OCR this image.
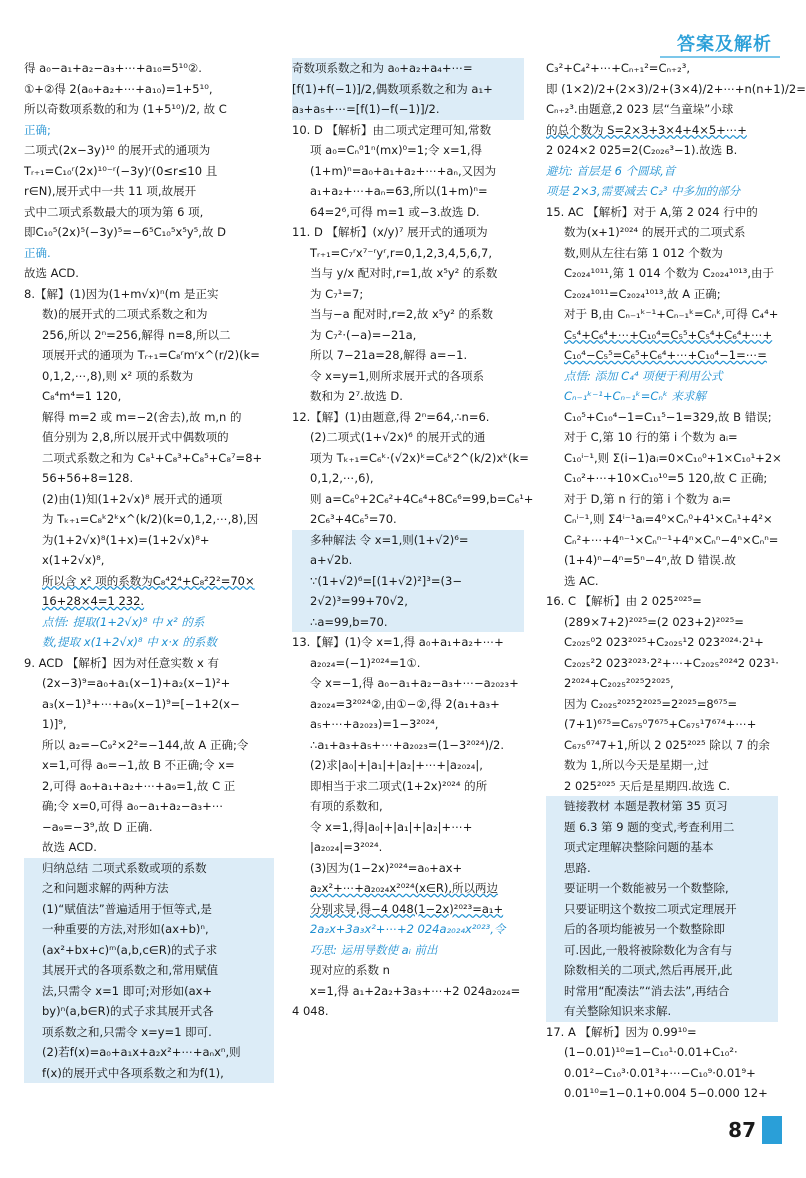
答案及解析
得 a₀−a₁+a₂−a₃+⋯+a₁₀=5¹⁰②.
①+②得 2(a₀+a₂+⋯+a₁₀)=1+5¹⁰,
所以奇数项系数的和为 (1+5¹⁰)/2, 故 C
正确;
二项式(2x−3y)¹⁰ 的展开式的通项为
Tᵣ₊₁=C₁₀ʳ(2x)¹⁰⁻ʳ(−3y)ʳ(0≤r≤10 且
r∈N),展开式中一共 11 项,故展开
式中二项式系数最大的项为第 6 项,
即C₁₀⁵(2x)⁵(−3y)⁵=−6⁵C₁₀⁵x⁵y⁵,故 D
正确.
故选 ACD.
8.【解】(1)因为(1+m√x)ⁿ(m 是正实
数)的展开式的二项式系数之和为
256,所以 2ⁿ=256,解得 n=8,所以二
项展开式的通项为 Tᵣ₊₁=C₈ʳmʳx^(r/2)(k=
0,1,2,⋯,8),则 x² 项的系数为
C₈⁴m⁴=1 120,
解得 m=2 或 m=−2(舍去),故 m,n 的
值分别为 2,8,所以展开式中偶数项的
二项式系数之和为 C₈¹+C₈³+C₈⁵+C₈⁷=8+
56+56+8=128.
(2)由(1)知(1+2√x)⁸ 展开式的通项
为 Tₖ₊₁=C₈ᵏ2ᵏx^(k/2)(k=0,1,2,⋯,8),因
为(1+2√x)⁸(1+x)=(1+2√x)⁸+
x(1+2√x)⁸,
所以含 x² 项的系数为C₈⁴2⁴+C₈²2²=70×
16+28×4=1 232.
点悟: 提取(1+2√x)⁸ 中 x² 的系
数,提取 x(1+2√x)⁸ 中 x·x 的系数
9. ACD 【解析】因为对任意实数 x 有
(2x−3)⁹=a₀+a₁(x−1)+a₂(x−1)²+
a₃(x−1)³+⋯+a₉(x−1)⁹=[−1+2(x−
1)]⁹,
所以 a₂=−C₉²×2²=−144,故 A 正确;令
x=1,可得 a₀=−1,故 B 不正确;令 x=
2,可得 a₀+a₁+a₂+⋯+a₉=1,故 C 正
确;令 x=0,可得 a₀−a₁+a₂−a₃+⋯
−a₉=−3⁹,故 D 正确.
故选 ACD.
归纳总结 二项式系数或项的系数
之和问题求解的两种方法
(1)“赋值法”普遍适用于恒等式,是
一种重要的方法,对形如(ax+b)ⁿ,
(ax²+bx+c)ᵐ(a,b,c∈R)的式子求
其展开式的各项系数之和,常用赋值
法,只需令 x=1 即可;对形如(ax+
by)ⁿ(a,b∈R)的式子求其展开式各
项系数之和,只需令 x=y=1 即可.
(2)若f(x)=a₀+a₁x+a₂x²+⋯+aₙxⁿ,则
f(x)的展开式中各项系数之和为f(1),
奇数项系数之和为 a₀+a₂+a₄+⋯=
[f(1)+f(−1)]/2,偶数项系数之和为 a₁+
a₃+a₅+⋯=[f(1)−f(−1)]/2.
10. D 【解析】由二项式定理可知,常数
项 a₀=Cₙ⁰1ⁿ(mx)⁰=1;令 x=1,得
(1+m)ⁿ=a₀+a₁+a₂+⋯+aₙ,又因为
a₁+a₂+⋯+aₙ=63,所以(1+m)ⁿ=
64=2⁶,可得 m=1 或−3.故选 D.
11. D 【解析】(x/y)⁷ 展开式的通项为
Tᵣ₊₁=C₇ʳx⁷⁻ʳyʳ,r=0,1,2,3,4,5,6,7,
当与 y/x 配对时,r=1,故 x⁵y² 的系数
为 C₇¹=7;
当与−a 配对时,r=2,故 x⁵y² 的系数
为 C₇²·(−a)=−21a,
所以 7−21a=28,解得 a=−1.
令 x=y=1,则所求展开式的各项系
数和为 2⁷.故选 D.
12.【解】(1)由题意,得 2ⁿ=64,∴n=6.
(2)二项式(1+√2x)⁶ 的展开式的通
项为 Tₖ₊₁=C₆ᵏ·(√2x)ᵏ=C₆ᵏ2^(k/2)xᵏ(k=
0,1,2,⋯,6),
则 a=C₆⁰+2C₆²+4C₆⁴+8C₆⁶=99,b=C₆¹+
2C₆³+4C₆⁵=70.
多种解法 令 x=1,则(1+√2)⁶=
a+√2b.
∵(1+√2)⁶=[(1+√2)²]³=(3−
2√2)³=99+70√2,
∴a=99,b=70.
13.【解】(1)令 x=1,得 a₀+a₁+a₂+⋯+
a₂₀₂₄=(−1)²⁰²⁴=1①.
令 x=−1,得 a₀−a₁+a₂−a₃+⋯−a₂₀₂₃+
a₂₀₂₄=3²⁰²⁴②,由①−②,得 2(a₁+a₃+
a₅+⋯+a₂₀₂₃)=1−3²⁰²⁴,
∴a₁+a₃+a₅+⋯+a₂₀₂₃=(1−3²⁰²⁴)/2.
(2)求|a₀|+|a₁|+|a₂|+⋯+|a₂₀₂₄|,
即相当于求二项式(1+2x)²⁰²⁴ 的所
有项的系数和,
令 x=1,得|a₀|+|a₁|+|a₂|+⋯+
|a₂₀₂₄|=3²⁰²⁴.
(3)因为(1−2x)²⁰²⁴=a₀+ax+
a₂x²+⋯+a₂₀₂₄x²⁰²⁴(x∈R),所以两边
分别求导,得−4 048(1−2x)²⁰²³=a₁+
2a₂x+3a₃x²+⋯+2 024a₂₀₂₄x²⁰²³,令
巧思: 运用导数使 aᵢ 前出
现对应的系数 n
x=1,得 a₁+2a₂+3a₃+⋯+2 024a₂₀₂₄=
4 048.
C₃²+C₄²+⋯+Cₙ₊₁²=Cₙ₊₂³,
即 (1×2)/2+(2×3)/2+(3×4)/2+⋯+n(n+1)/2=
Cₙ₊₂³.由题意,2 023 层“刍童垛”小球
的总个数为 S=2×3+3×4+4×5+⋯+
2 024×2 025=2(C₂₀₂₆³−1).故选 B.
避坑: 首层是 6 个圆球,首
项是 2×3,需要减去 C₂³ 中多加的部分
15. AC 【解析】对于 A,第 2 024 行中的
数为(x+1)²⁰²⁴ 的展开式的二项式系
数,则从左往右第 1 012 个数为
C₂₀₂₄¹⁰¹¹,第 1 014 个数为 C₂₀₂₄¹⁰¹³,由于
C₂₀₂₄¹⁰¹¹=C₂₀₂₄¹⁰¹³,故 A 正确;
对于 B,由 Cₙ₋₁ᵏ⁻¹+Cₙ₋₁ᵏ=Cₙᵏ,可得 C₄⁴+
C₅⁴+C₆⁴+⋯+C₁₀⁴=C₅⁵+C₅⁴+C₆⁴+⋯+
C₁₀⁴−C₅⁵=C₆⁵+C₆⁴+⋯+C₁₀⁴−1=⋯=
点悟: 添加 C₄⁴ 项便于利用公式
Cₙ₋₁ᵏ⁻¹+Cₙ₋₁ᵏ=Cₙᵏ 来求解
C₁₀⁵+C₁₀⁴−1=C₁₁⁵−1=329,故 B 错误;
对于 C,第 10 行的第 i 个数为 aᵢ=
C₁₀ⁱ⁻¹,则 Σ(i−1)aᵢ=0×C₁₀⁰+1×C₁₀¹+2×
C₁₀²+⋯+10×C₁₀¹⁰=5 120,故 C 正确;
对于 D,第 n 行的第 i 个数为 aᵢ=
Cₙⁱ⁻¹,则 Σ4ⁱ⁻¹aᵢ=4⁰×Cₙ⁰+4¹×Cₙ¹+4²×
Cₙ²+⋯+4ⁿ⁻¹×Cₙⁿ⁻¹+4ⁿ×Cₙⁿ−4ⁿ×Cₙⁿ=
(1+4)ⁿ−4ⁿ=5ⁿ−4ⁿ,故 D 错误.故
选 AC.
16. C 【解析】由 2 025²⁰²⁵=
(289×7+2)²⁰²⁵=(2 023+2)²⁰²⁵=
C₂₀₂₅⁰2 023²⁰²⁵+C₂₀₂₅¹2 023²⁰²⁴·2¹+
C₂₀₂₅²2 023²⁰²³·2²+⋯+C₂₀₂₅²⁰²⁴2 023¹·
2²⁰²⁴+C₂₀₂₅²⁰²⁵2²⁰²⁵,
因为 C₂₀₂₅²⁰²⁵2²⁰²⁵=2²⁰²⁵=8⁶⁷⁵=
(7+1)⁶⁷⁵=C₆₇₅⁰7⁶⁷⁵+C₆₇₅¹7⁶⁷⁴+⋯+
C₆₇₅⁶⁷⁴7+1,所以 2 025²⁰²⁵ 除以 7 的余
数为 1,所以今天是星期一,过
2 025²⁰²⁵ 天后是星期四.故选 C.
链接教材 本题是教材第 35 页习
题 6.3 第 9 题的变式,考查利用二
项式定理解决整除问题的基本
思路.
要证明一个数能被另一个数整除,
只要证明这个数按二项式定理展开
后的各项均能被另一个数整除即
可.因此,一般将被除数化为含有与
除数相关的二项式,然后再展开,此
时常用“配凑法”“消去法”,再结合
有关整除知识来求解.
17. A 【解析】因为 0.99¹⁰=
(1−0.01)¹⁰=1−C₁₀¹·0.01+C₁₀²·
0.01²−C₁₀³·0.01³+⋯−C₁₀⁹·0.01⁹+
0.01¹⁰=1−0.1+0.004 5−0.000 12+
87
